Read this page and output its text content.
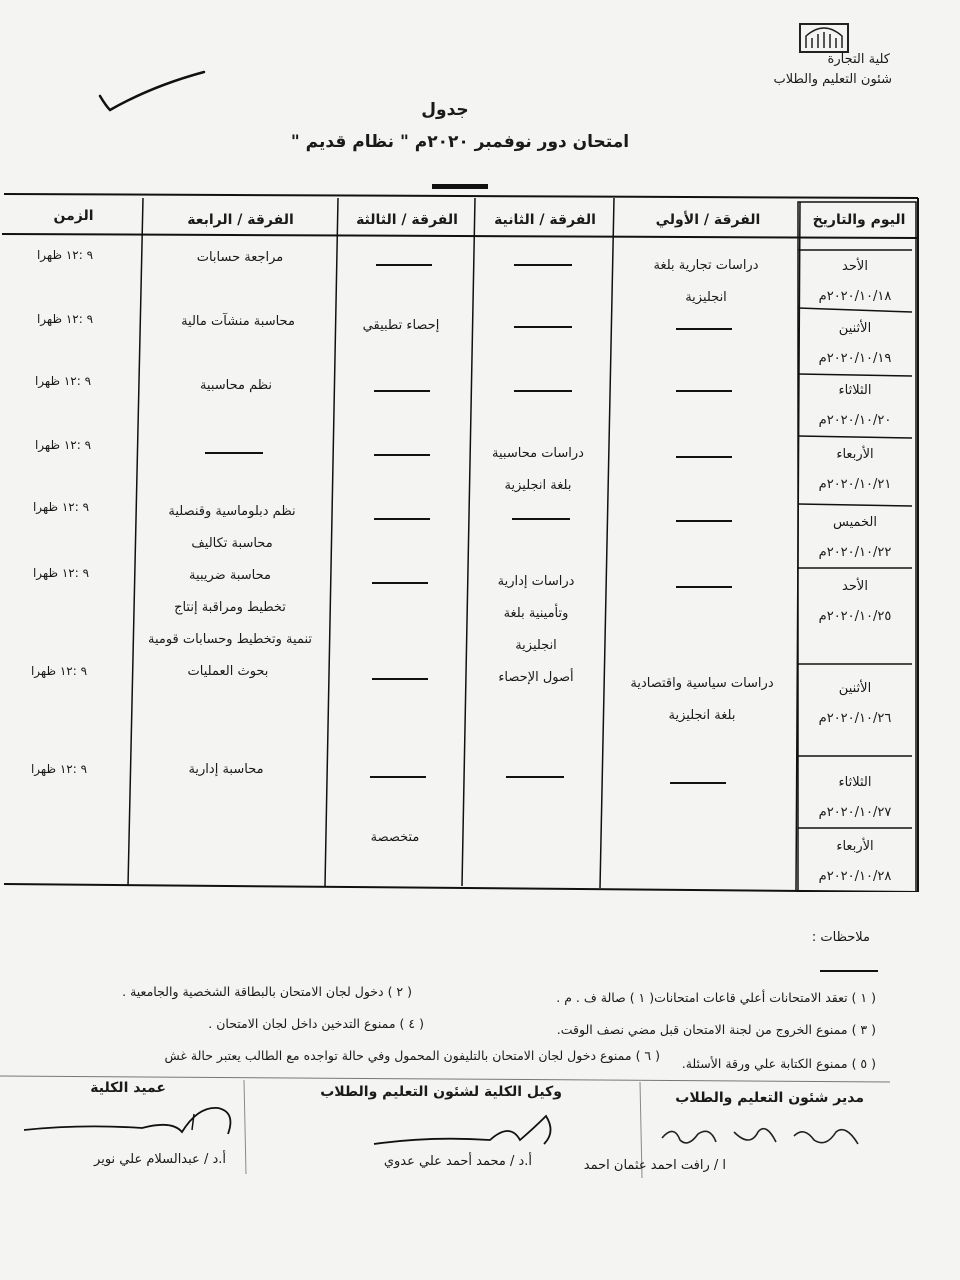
كلية التجارة
شئون التعليم والطلاب
جدول
امتحان دور نوفمبر ٢٠٢٠م " نظام قديم "
اليوم والتاريخ
الفرقة / الأولي
الفرقة / الثانية
الفرقة / الثالثة
الفرقة / الرابعة
الزمن
الأحد
٢٠٢٠/١٠/١٨م
الأثنين
٢٠٢٠/١٠/١٩م
الثلاثاء
٢٠٢٠/١٠/٢٠م
الأربعاء
٢٠٢٠/١٠/٢١م
الخميس
٢٠٢٠/١٠/٢٢م
الأحد
٢٠٢٠/١٠/٢٥م
الأثنين
٢٠٢٠/١٠/٢٦م
الثلاثاء
٢٠٢٠/١٠/٢٧م
الأربعاء
٢٠٢٠/١٠/٢٨م
دراسات تجارية بلغة
انجليزية
دراسات سياسية واقتصادية
بلغة انجليزية
دراسات محاسبية
بلغة انجليزية
دراسات إدارية
وتأمينية بلغة
انجليزية
أصول الإحصاء
إحصاء تطبيقي
متخصصة
مراجعة حسابات
محاسبة منشآت مالية
نظم محاسبية
نظم دبلوماسية وقنصلية
محاسبة تكاليف
محاسبة ضريبية
تخطيط ومراقبة إنتاج
تنمية وتخطيط وحسابات قومية
بحوث العمليات
محاسبة إدارية
٩ :١٢ ظهرا
٩ :١٢ ظهرا
٩ :١٢ ظهرا
٩ :١٢ ظهرا
٩ :١٢ ظهرا
٩ :١٢ ظهرا
٩ :١٢ ظهرا
٩ :١٢ ظهرا
ملاحظات :
( ١ ) تعقد الامتحانات أعلي قاعات امتحانات( ١ ) صالة ف . م .
( ٢ ) دخول لجان الامتحان بالبطاقة الشخصية والجامعية .
( ٣ ) ممنوع الخروج من لجنة الامتحان قبل مضي نصف الوقت.
( ٤ ) ممنوع التدخين داخل لجان الامتحان .
( ٥ ) ممنوع الكتابة علي ورقة الأسئلة.
( ٦ ) ممنوع دخول لجان الامتحان بالتليفون المحمول وفي حالة تواجده مع الطالب يعتبر حالة غش
مدير شئون التعليم والطلاب
ا / رافت احمد عثمان احمد
وكيل الكلية لشئون التعليم والطلاب
أ.د / محمد أحمد علي عدوي
عميد الكلية
أ.د / عبدالسلام علي نوير
